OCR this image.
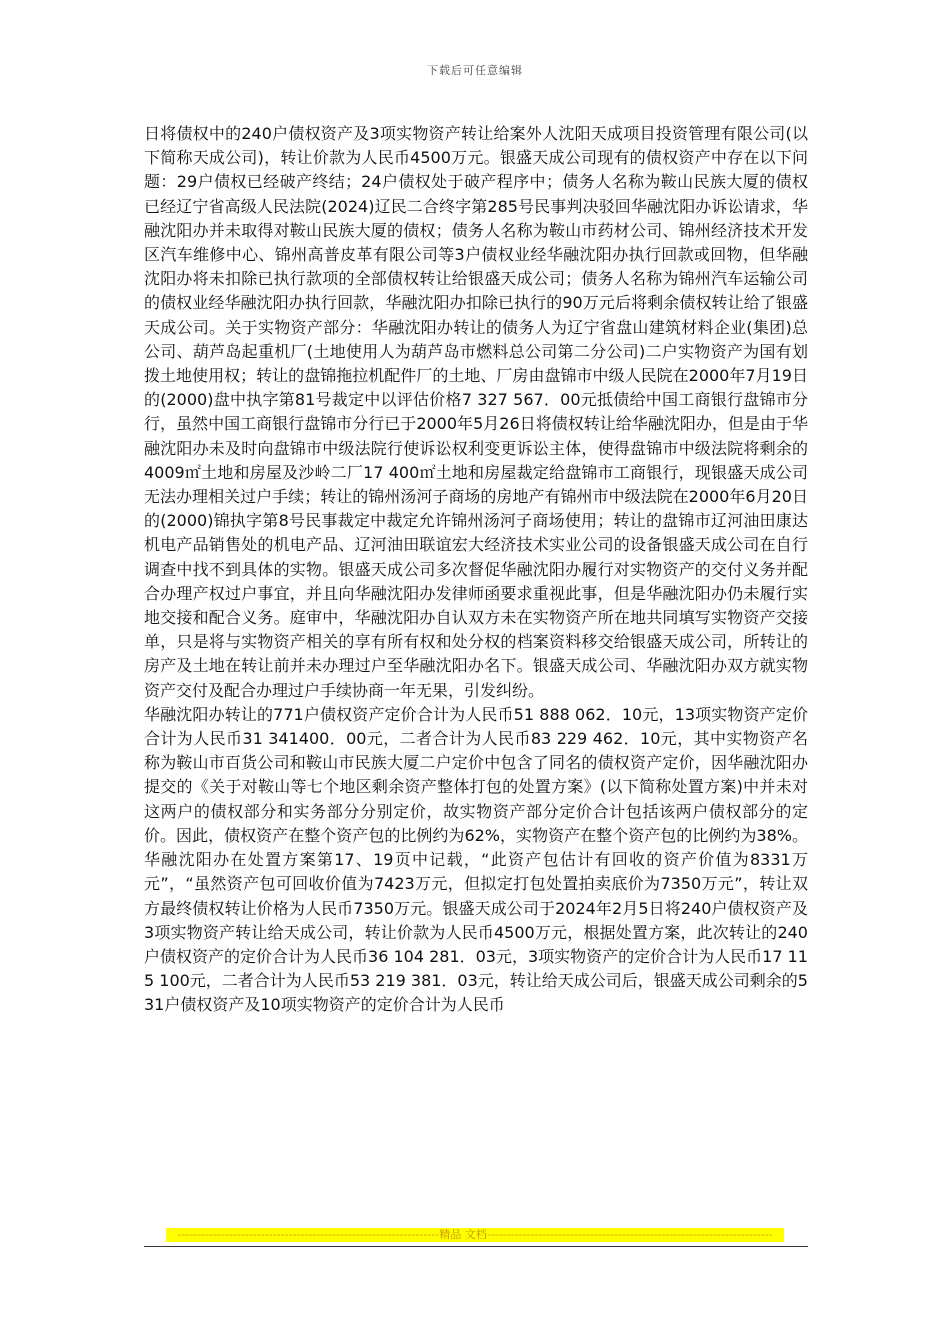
下载后可任意编辑

日将债权中的240户债权资产及3项实物资产转让给案外人沈阳天成项目投资管理有限公司(以下简称天成公司)，转让价款为人民币4500万元。银盛天成公司现有的债权资产中存在以下问题：29户债权已经破产终结；24户债权处于破产程序中；债务人名称为鞍山民族大厦的债权已经辽宁省高级人民法院(2024)辽民二合终字第285号民事判决驳回华融沈阳办诉讼请求，华融沈阳办并未取得对鞍山民族大厦的债权；债务人名称为鞍山市药材公司、锦州经济技术开发区汽车维修中心、锦州高普皮革有限公司等3户债权业经华融沈阳办执行回款或回物，但华融沈阳办将未扣除已执行款项的全部债权转让给银盛天成公司；债务人名称为锦州汽车运输公司的债权业经华融沈阳办执行回款，华融沈阳办扣除已执行的90万元后将剩余债权转让给了银盛天成公司。关于实物资产部分：华融沈阳办转让的债务人为辽宁省盘山建筑材料企业(集团)总公司、葫芦岛起重机厂(土地使用人为葫芦岛市燃料总公司第二分公司)二户实物资产为国有划拨土地使用权；转让的盘锦拖拉机配件厂的土地、厂房由盘锦市中级人民院在2000年7月19日的(2000)盘中执字第81号裁定中以评估价格7 327 567．00元抵债给中国工商银行盘锦市分行，虽然中国工商银行盘锦市分行已于2000年5月26日将债权转让给华融沈阳办，但是由于华融沈阳办未及时向盘锦市中级法院行使诉讼权利变更诉讼主体，使得盘锦市中级法院将剩余的4009㎡土地和房屋及沙岭二厂17 400㎡土地和房屋裁定给盘锦市工商银行，现银盛天成公司无法办理相关过户手续；转让的锦州汤河子商场的房地产有锦州市中级法院在2000年6月20日的(2000)锦执字第8号民事裁定中裁定允许锦州汤河子商场使用；转让的盘锦市辽河油田康达机电产品销售处的机电产品、辽河油田联谊宏大经济技术实业公司的设备银盛天成公司在自行调查中找不到具体的实物。银盛天成公司多次督促华融沈阳办履行对实物资产的交付义务并配合办理产权过户事宜，并且向华融沈阳办发律师函要求重视此事，但是华融沈阳办仍未履行实地交接和配合义务。庭审中，华融沈阳办自认双方未在实物资产所在地共同填写实物资产交接单，只是将与实物资产相关的享有所有权和处分权的档案资料移交给银盛天成公司，所转让的房产及土地在转让前并未办理过户至华融沈阳办名下。银盛天成公司、华融沈阳办双方就实物资产交付及配合办理过户手续协商一年无果，引发纠纷。

华融沈阳办转让的771户债权资产定价合计为人民币51 888 062．10元，13项实物资产定价合计为人民币31 341400．00元，二者合计为人民币83 229 462．10元，其中实物资产名称为鞍山市百货公司和鞍山市民族大厦二户定价中包含了同名的债权资产定价，因华融沈阳办提交的《关于对鞍山等七个地区剩余资产整体打包的处置方案》(以下简称处置方案)中并未对这两户的债权部分和实务部分分别定价，故实物资产部分定价合计包括该两户债权部分的定价。因此，债权资产在整个资产包的比例约为62%，实物资产在整个资产包的比例约为38%。华融沈阳办在处置方案第17、19页中记载，“此资产包估计有回收的资产价值为8331万元”，“虽然资产包可回收价值为7423万元，但拟定打包处置拍卖底价为7350万元”，转让双方最终债权转让价格为人民币7350万元。银盛天成公司于2024年2月5日将240户债权资产及3项实物资产转让给天成公司，转让价款为人民币4500万元，根据处置方案，此次转让的240户债权资产的定价合计为人民币36 104 281．03元，3项实物资产的定价合计为人民币17 115 100元，二者合计为人民币53 219 381．03元，转让给天成公司后，银盛天成公司剩余的531户债权资产及10项实物资产的定价合计为人民币

------------------------------------------------------------------精品 文档------------------------------------------------------------------------
